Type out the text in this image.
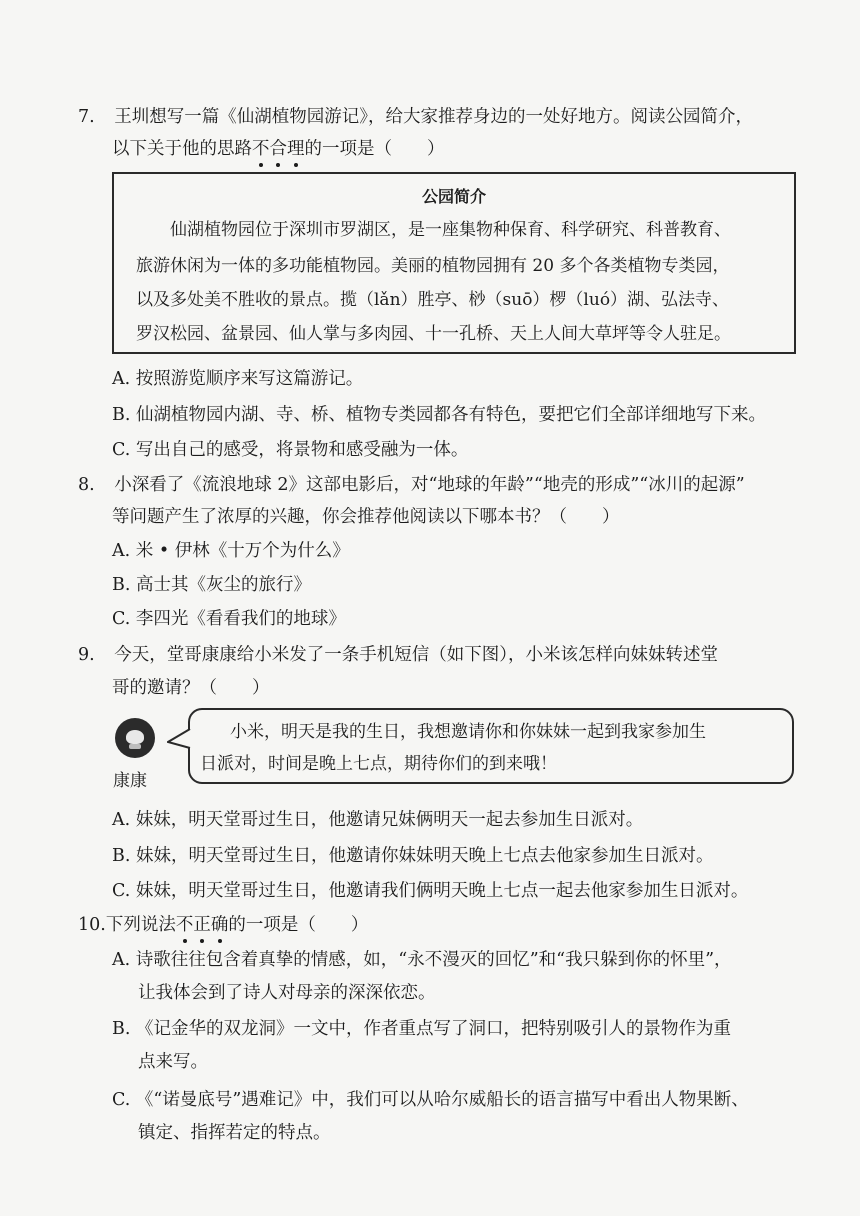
7. 王圳想写一篇《仙湖植物园游记》，给大家推荐身边的一处好地方。阅读公园简介，
以下关于他的思路不合理的一项是（　　）
公园简介
仙湖植物园位于深圳市罗湖区，是一座集物种保育、科学研究、科普教育、
旅游休闲为一体的多功能植物园。美丽的植物园拥有 20 多个各类植物专类园，
以及多处美不胜收的景点。揽（lǎn）胜亭、桫（suō）椤（luó）湖、弘法寺、
罗汉松园、盆景园、仙人掌与多肉园、十一孔桥、天上人间大草坪等令人驻足。
A. 按照游览顺序来写这篇游记。
B. 仙湖植物园内湖、寺、桥、植物专类园都各有特色，要把它们全部详细地写下来。
C. 写出自己的感受，将景物和感受融为一体。
8. 小深看了《流浪地球 2》这部电影后，对“地球的年龄”“地壳的形成”“冰川的起源”
等问题产生了浓厚的兴趣，你会推荐他阅读以下哪本书？（　　）
A. 米 • 伊林《十万个为什么》
B. 高士其《灰尘的旅行》
C. 李四光《看看我们的地球》
9. 今天，堂哥康康给小米发了一条手机短信（如下图），小米该怎样向妹妹转述堂
哥的邀请？（　　）
康康
小米，明天是我的生日，我想邀请你和你妹妹一起到我家参加生
日派对，时间是晚上七点，期待你们的到来哦！
A. 妹妹，明天堂哥过生日，他邀请兄妹俩明天一起去参加生日派对。
B. 妹妹，明天堂哥过生日，他邀请你妹妹明天晚上七点去他家参加生日派对。
C. 妹妹，明天堂哥过生日，他邀请我们俩明天晚上七点一起去他家参加生日派对。
10.下列说法不正确的一项是（　　）
A. 诗歌往往包含着真挚的情感，如，“永不漫灭的回忆”和“我只躲到你的怀里”，
让我体会到了诗人对母亲的深深依恋。
B. 《记金华的双龙洞》一文中，作者重点写了洞口，把特别吸引人的景物作为重
点来写。
C. 《“诺曼底号”遇难记》中，我们可以从哈尔威船长的语言描写中看出人物果断、
镇定、指挥若定的特点。
